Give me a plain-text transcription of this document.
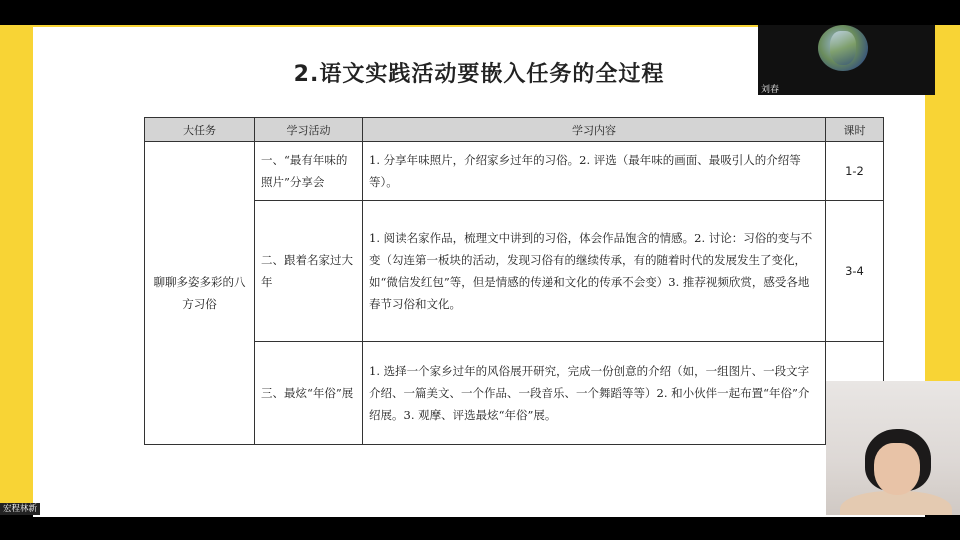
2.语文实践活动要嵌入任务的全过程
大任务	学习活动	学习内容	课时
聊聊多姿多彩的八方习俗	一、“最有年味的照片”分享会	1. 分享年味照片，介绍家乡过年的习俗。2. 评选（最年味的画面、最吸引人的介绍等等）。	1-2
	二、跟着名家过大年	1. 阅读名家作品，梳理文中讲到的习俗，体会作品饱含的情感。2. 讨论：习俗的变与不变（勾连第一板块的活动，发现习俗有的继续传承，有的随着时代的发展发生了变化，如“微信发红包”等，但是情感的传递和文化的传承不会变）3. 推荐视频欣赏，感受各地春节习俗和文化。	3-4
	三、最炫“年俗”展	1. 选择一个家乡过年的风俗展开研究，完成一份创意的介绍（如，一组图片、一段文字介绍、一篇美文、一个作品、一段音乐、一个舞蹈等等）2. 和小伙伴一起布置“年俗”介绍展。3. 观摩、评选最炫“年俗”展。	
刘春
宏程林新
